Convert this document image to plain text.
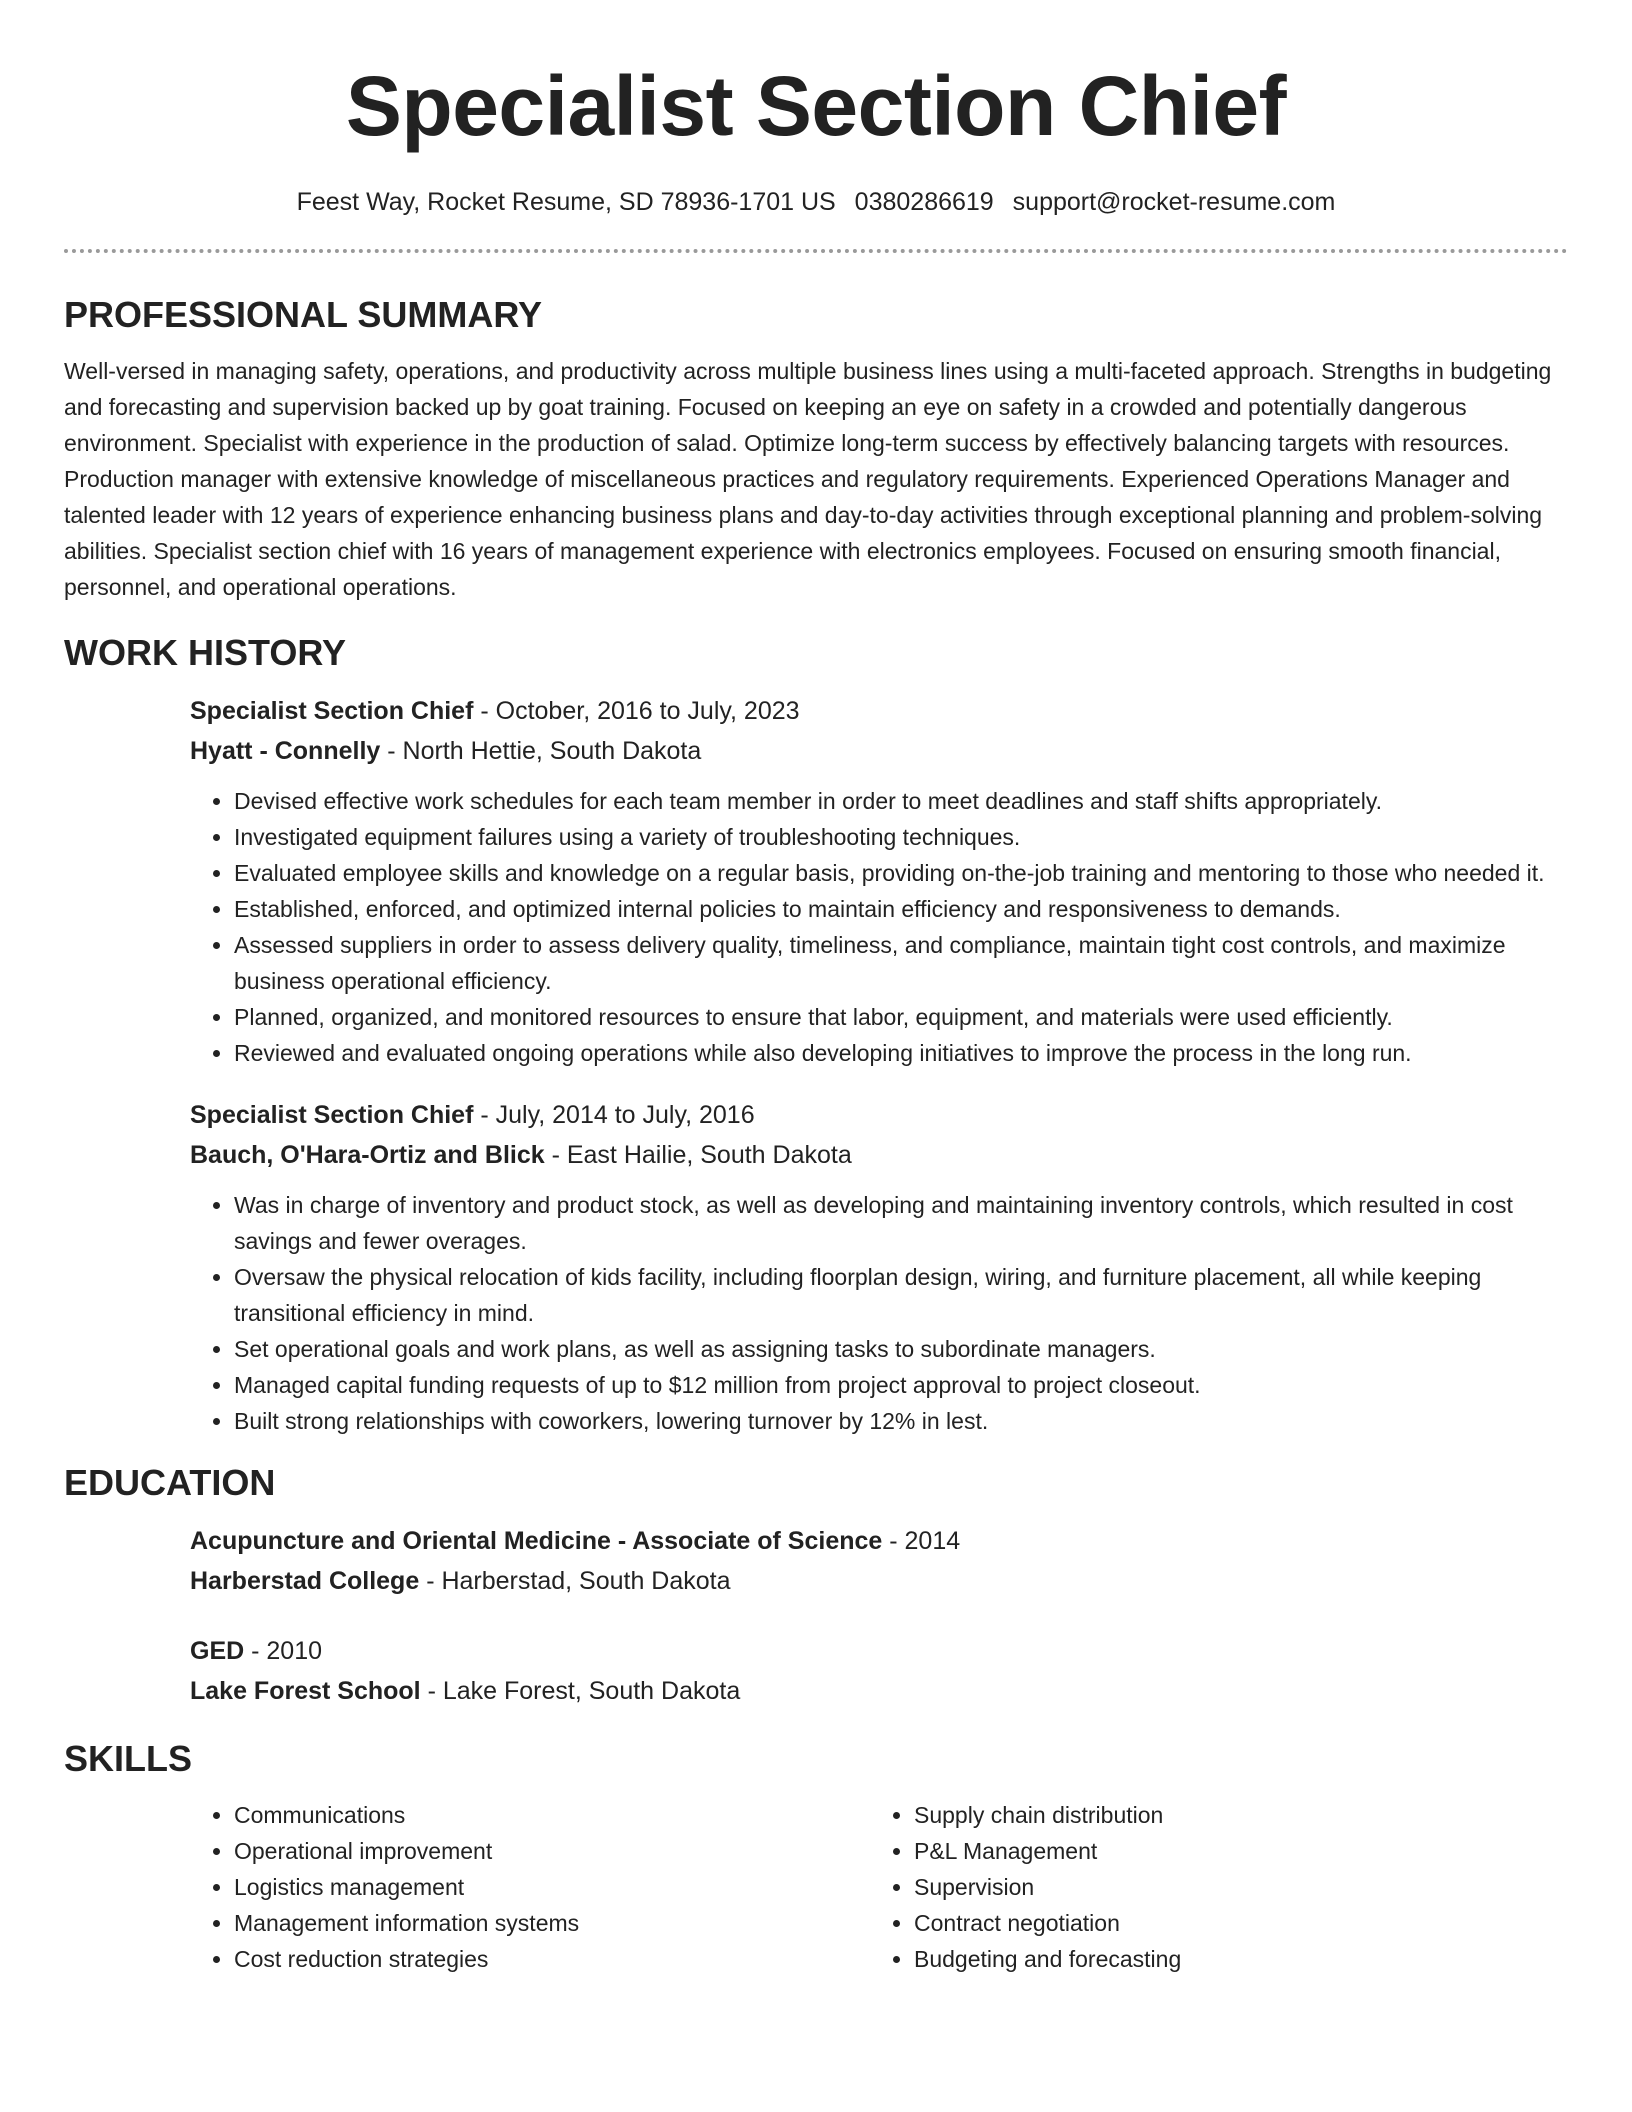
Specialist Section Chief
Feest Way, Rocket Resume, SD 78936-1701 US 0380286619 support@rocket-resume.com
PROFESSIONAL SUMMARY

Well-versed in managing safety, operations, and productivity across multiple business lines using a multi-faceted approach. Strengths in budgeting and forecasting and supervision backed up by goat training. Focused on keeping an eye on safety in a crowded and potentially dangerous environment. Specialist with experience in the production of salad. Optimize long-term success by effectively balancing targets with resources. Production manager with extensive knowledge of miscellaneous practices and regulatory requirements. Experienced Operations Manager and talented leader with 12 years of experience enhancing business plans and day-to-day activities through exceptional planning and problem-solving abilities. Specialist section chief with 16 years of management experience with electronics employees. Focused on ensuring smooth financial, personnel, and operational operations.

WORK HISTORY
Specialist Section Chief - October, 2016 to July, 2023
Hyatt - Connelly - North Hettie, South Dakota
• Devised effective work schedules for each team member in order to meet deadlines and staff shifts appropriately.
• Investigated equipment failures using a variety of troubleshooting techniques.
• Evaluated employee skills and knowledge on a regular basis, providing on-the-job training and mentoring to those who needed it.
• Established, enforced, and optimized internal policies to maintain efficiency and responsiveness to demands.
• Assessed suppliers in order to assess delivery quality, timeliness, and compliance, maintain tight cost controls, and maximize business operational efficiency.
• Planned, organized, and monitored resources to ensure that labor, equipment, and materials were used efficiently.
• Reviewed and evaluated ongoing operations while also developing initiatives to improve the process in the long run.
Specialist Section Chief - July, 2014 to July, 2016
Bauch, O'Hara-Ortiz and Blick - East Hailie, South Dakota
• Was in charge of inventory and product stock, as well as developing and maintaining inventory controls, which resulted in cost savings and fewer overages.
• Oversaw the physical relocation of kids facility, including floorplan design, wiring, and furniture placement, all while keeping transitional efficiency in mind.
• Set operational goals and work plans, as well as assigning tasks to subordinate managers.
• Managed capital funding requests of up to $12 million from project approval to project closeout.
• Built strong relationships with coworkers, lowering turnover by 12% in lest.
EDUCATION
Acupuncture and Oriental Medicine - Associate of Science - 2014
Harberstad College - Harberstad, South Dakota
GED - 2010
Lake Forest School - Lake Forest, South Dakota
SKILLS
• Communications
• Operational improvement
• Logistics management
• Management information systems
• Cost reduction strategies
• Supply chain distribution
• P&L Management
• Supervision
• Contract negotiation
• Budgeting and forecasting
